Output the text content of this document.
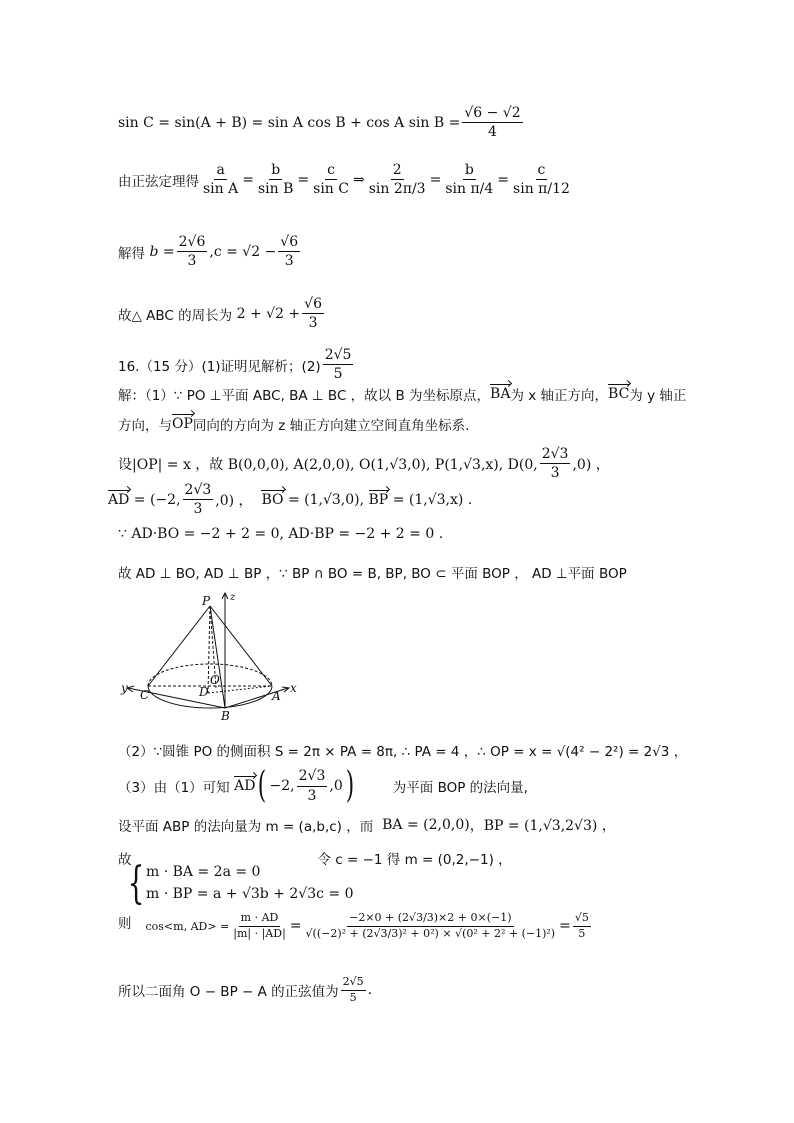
sin C = sin(A + B) = sin A cos B + cos A $\sin B = \frac{√6 - √2}{4}$
由正弦定理得 $\frac{a}{\text{sin A}} = \frac{b}{\text{sin B}} = \frac{c}{\text{sin C}}$ ⇒ $\frac{2}{\sin 2\pi/3} = \frac{b}{\text{sin π/4}} = \frac{c}{\text{sin π/12}}$
解得 $b = \frac{2√6}{3}$ , $c = √2 - \frac{√6}{3}$
故△ ABC 的周长为
$2 + √2 + \frac{√6}{3}$
16.（15 分）(1)证明见解析；$(2) \frac{2√5}{5}$
解：（1）∵ PO ⊥平面 ABC, BA ⊥ BC ，故以 B 为坐标原点， BA 为 x 轴正方向， BC 为 y 轴正
方向，与 OP 同向的方向为 z 轴正方向建立空间直角坐标系.
设|OP| = x ，故 B(0,0,0), A(2,0,0), O(1,√3,0), P(1,√3,x), D(0, $\frac{2√3}{3} ,0$) ，
AD
= (−2, $\frac{2√3}{3} ,0$) ，
BO
= (1,√3,0),
BP
= (1,√3,x) .
∵ AD·BO = −2 + 2 = 0, AD·BP = −2 + 2 = 0 .
故 AD ⊥ BO, AD ⊥ BP ，∵ BP ∩ BO = B, BP, BO ⊂ 平面 BOP ， AD ⊥平面 BOP
P z
O
D
y C	x
A
B
（2）∵圆锥 PO 的侧面积 S = 2π × PA = 8π, ∴ PA = 4 ，∴ OP = x = √(4² − 2²) = 2√3 ，
（3）由（1）可知
AD ( −2, $\frac{2√3}{3} ,0$ )	为平面 BOP 的法向量,
设平面 ABP 的法向量为 m = (a,b,c) ，而
BA = (2,0,0) ，BP = (1,√3,2√3) ，
故	令 c = −1 得 m = (0,2,−1) ，
{ m · BA = 2a = 0
m · BP = a + √3b + 2√3c = 0
则 cos<m, $AD> = \frac{m \cdot AD}{|m| \cdot |AD|} = \frac{-2\times 0 + (2√3/3)\times 2 + 0\times(-1)}{\text{√((−2)² + (2√3/3)² + 0²) × √(0² + 2² + (−1)²)}} = \frac{√5}{5}$
所以二面角 O − BP − A 的正弦值为 $\frac{2√5}{5}$ .
